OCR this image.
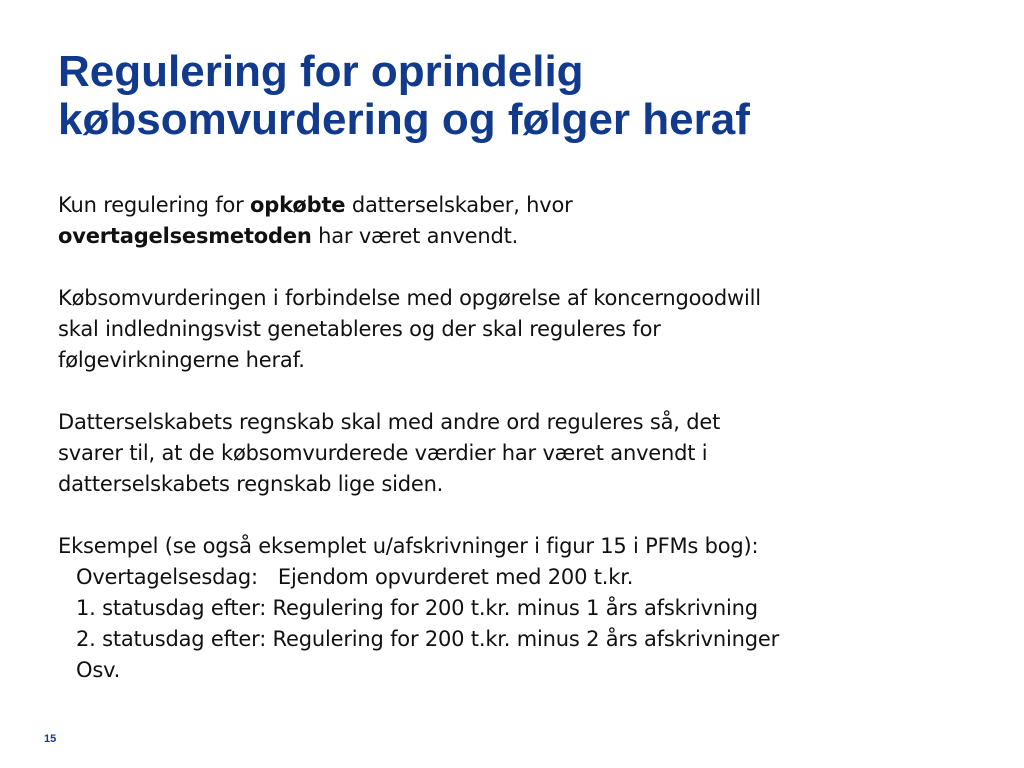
Regulering for oprindelig
købsomvurdering og følger heraf

Kun regulering for opkøbte datterselskaber, hvor
overtagelsesmetoden har været anvendt.

Købsomvurderingen i forbindelse med opgørelse af koncerngoodwill
skal indledningsvist genetableres og der skal reguleres for
følgevirkningerne heraf.

Datterselskabets regnskab skal med andre ord reguleres så, det
svarer til, at de købsomvurderede værdier har været anvendt i
datterselskabets regnskab lige siden.

Eksempel (se også eksemplet u/afskrivninger i figur 15 i PFMs bog):
Overtagelsesdag: Ejendom opvurderet med 200 t.kr.
1. statusdag efter: Regulering for 200 t.kr. minus 1 års afskrivning
2. statusdag efter: Regulering for 200 t.kr. minus 2 års afskrivninger
Osv.
15
